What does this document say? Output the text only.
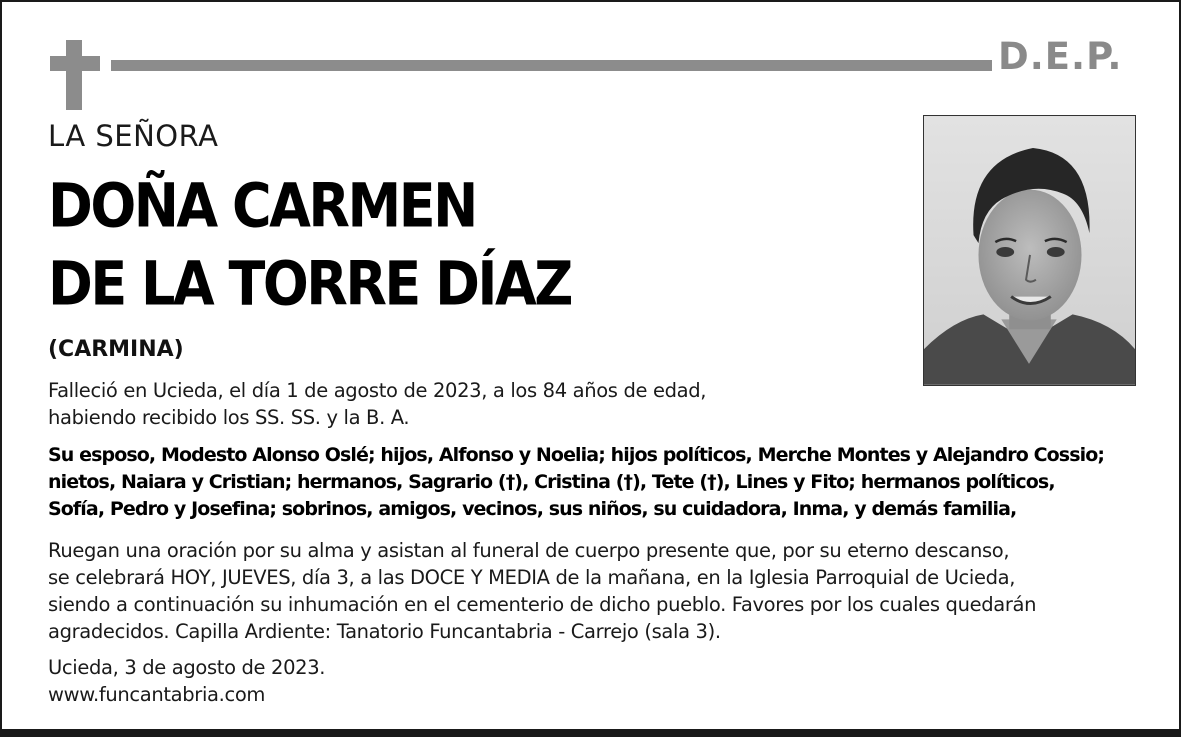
D.E.P.
LA SEÑORA
DOÑA CARMEN
DE LA TORRE DÍAZ
(CARMINA)

Falleció en Ucieda, el día 1 de agosto de 2023, a los 84 años de edad,
habiendo recibido los SS. SS. y la B. A.

Su esposo, Modesto Alonso Oslé; hijos, Alfonso y Noelia; hijos políticos, Merche Montes y Alejandro Cossio;
nietos, Naiara y Cristian; hermanos, Sagrario (†), Cristina (†), Tete (†), Lines y Fito; hermanos políticos,
Sofía, Pedro y Josefina; sobrinos, amigos, vecinos, sus niños, su cuidadora, Inma, y demás familia,

Ruegan una oración por su alma y asistan al funeral de cuerpo presente que, por su eterno descanso,
se celebrará HOY, JUEVES, día 3, a las DOCE Y MEDIA de la mañana, en la Iglesia Parroquial de Ucieda,
siendo a continuación su inhumación en el cementerio de dicho pueblo. Favores por los cuales quedarán
agradecidos. Capilla Ardiente: Tanatorio Funcantabria - Carrejo (sala 3).

Ucieda, 3 de agosto de 2023.
www.funcantabria.com
